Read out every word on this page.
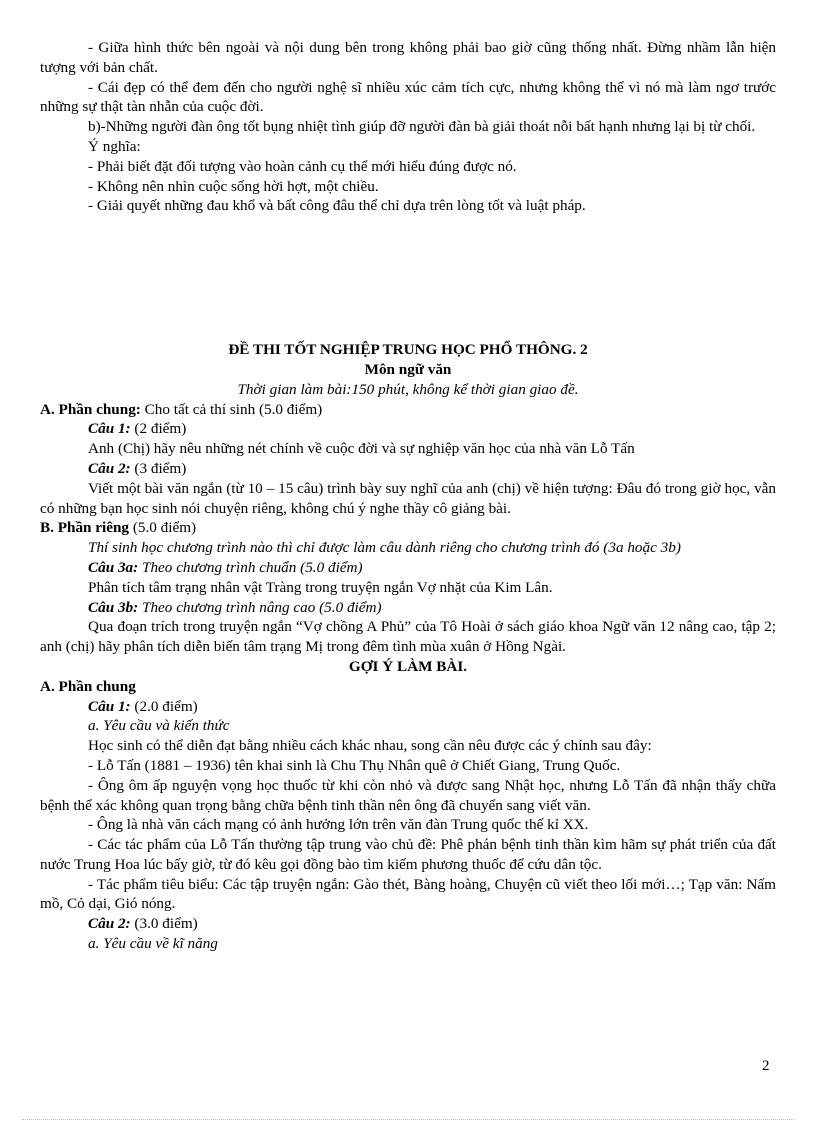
- Giữa hình thức bên ngoài và nội dung bên trong không phải bao giờ cũng thống nhất. Đừng nhầm lẫn hiện tượng với bản chất.

- Cái đẹp có thể đem đến cho người nghệ sĩ nhiều xúc cảm tích cực, nhưng không thể vì nó mà làm ngơ trước những sự thật tàn nhẫn của cuộc đời.

b)-Những người đàn ông tốt bụng nhiệt tình giúp đỡ người đàn bà giải thoát nỗi bất hạnh nhưng lại bị từ chối.

Ý nghĩa:

- Phải biết đặt đối tượng vào hoàn cảnh cụ thể mới hiểu đúng được nó.

- Không nên nhìn cuộc sống hời hợt, một chiều.

- Giải quyết những đau khổ và bất công đâu thể chỉ dựa trên lòng tốt và luật pháp.

ĐỀ THI TỐT NGHIỆP TRUNG HỌC PHỔ THÔNG. 2

Môn ngữ văn

Thời gian làm bài:150 phút, không kể thời gian giao đề.

A. Phần chung: Cho tất cả thí sinh (5.0 điểm)

Câu 1: (2 điểm)

Anh (Chị) hãy nêu những nét chính về cuộc đời và sự nghiệp văn học của nhà văn Lỗ Tấn

Câu 2: (3 điểm)

Viết một bài văn ngắn (từ 10 – 15 câu) trình bày suy nghĩ của anh (chị) về hiện tượng: Đâu đó trong giờ học, vẫn có những bạn học sinh nói chuyện riêng, không chú ý nghe thầy cô giảng bài.

B. Phần riêng (5.0 điểm)

Thí sinh học chương trình nào thì chỉ được làm câu dành riêng cho chương trình đó (3a hoặc 3b)

Câu 3a: Theo chương trình chuẩn (5.0 điểm)

Phân tích tâm trạng nhân vật Tràng trong truyện ngắn Vợ nhặt của Kim Lân.

Câu 3b: Theo chương trình nâng cao (5.0 điểm)

Qua đoạn trích trong truyện ngắn “Vợ chồng A Phủ” của Tô Hoài ở sách giáo khoa Ngữ văn 12 nâng cao, tập 2; anh (chị) hãy phân tích diễn biến tâm trạng Mị trong đêm tình mùa xuân ở Hồng Ngài.

GỢI Ý LÀM BÀI.

A. Phần chung

Câu 1: (2.0 điểm)

a. Yêu cầu và kiến thức

Học sinh có thể diễn đạt bằng nhiều cách khác nhau, song cần nêu được các ý chính sau đây:

- Lỗ Tấn (1881 – 1936) tên khai sinh là Chu Thụ Nhân quê ở Chiết Giang, Trung Quốc.

- Ông ôm ấp nguyện vọng học thuốc từ khi còn nhỏ và được sang Nhật học, nhưng Lỗ Tấn đã nhận thấy chữa bệnh thể xác không quan trọng bằng chữa bệnh tinh thần nên ông đã chuyển sang viết văn.

- Ông là nhà văn cách mạng có ảnh hưởng lớn trên văn đàn Trung quốc thế kỉ XX.

- Các tác phẩm của Lỗ Tấn thường tập trung vào chủ đề: Phê phán bệnh tinh thần kìm hãm sự phát triển của đất nước Trung Hoa lúc bấy giờ, từ đó kêu gọi đồng bào tìm kiếm phương thuốc để cứu dân tộc.

- Tác phẩm tiêu biểu: Các tập truyện ngắn: Gào thét, Bàng hoàng, Chuyện cũ viết theo lối mới…; Tạp văn: Nấm mồ, Cỏ dại, Gió nóng.

Câu 2: (3.0 điểm)

a. Yêu cầu về kĩ năng

2
